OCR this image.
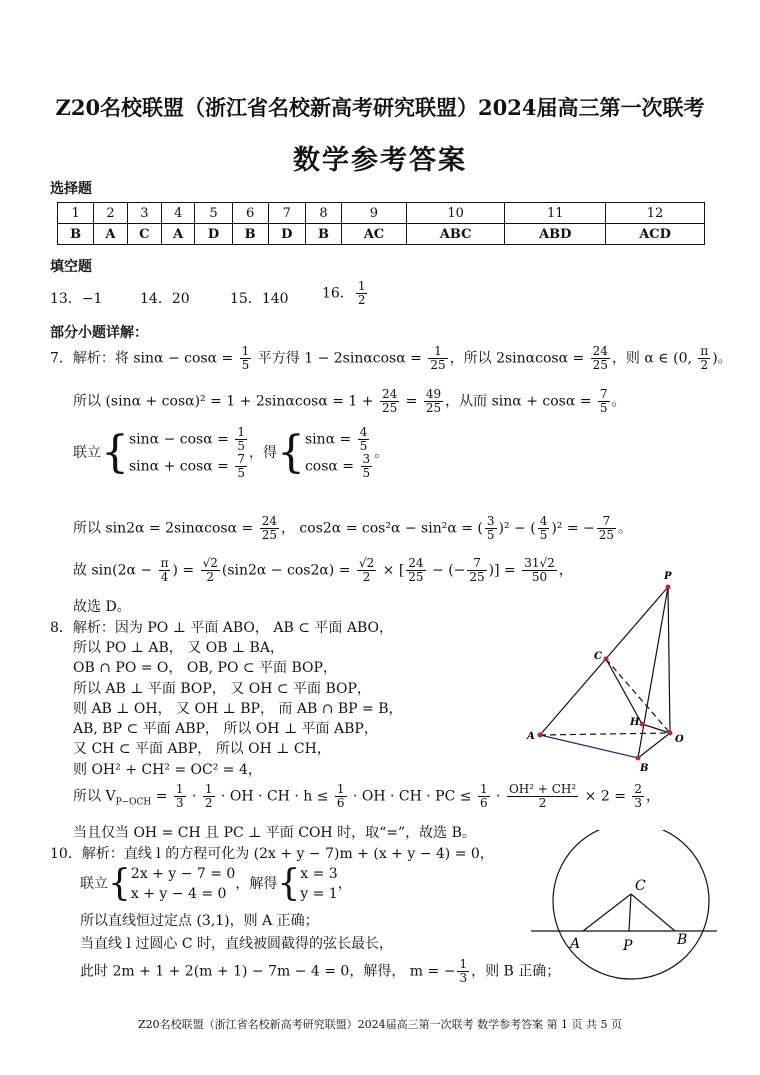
Z20名校联盟（浙江省名校新高考研究联盟）2024届高三第一次联考
数学参考答案
选择题
1	2	3	4	5	6	7	8	9	10	11	12
B	A	C	A	D	B	D	B	AC	ABC	ABD	ACD
填空题
13．−1	14．20	15．140 16． $\frac{1}{2}$
部分小题详解：
7．解析：将 $\sin\alpha - \cos\alpha = \frac{1}{5}$ 平方得 $1 - 2\sin\alpha\cos\alpha = \frac{1}{25}$ ，所以 $2\sin\alpha\cos\alpha = \frac{24}{25}$ ，则 α ∈ (0, $\frac{\pi}{2}$ )。
所以 $(\sin\alpha + \cos\alpha)^2 = 1 + 2\sin\alpha\cos\alpha = 1 + \frac{24}{25} = \frac{49}{25}$ ，从而 $\sin\alpha + \cos\alpha = \frac{7}{5}$ 。
联立{ $\sin\alpha - \cos\alpha = \frac{1}{5}$
$\sin\alpha + \cos\alpha = \frac{7}{5}$ ，得{ $\sin\alpha = \frac{4}{5}$
$\cos\alpha = \frac{3}{5}$ 。
所以 $\sin 2\alpha = 2\sin\alpha\cos\alpha = \frac{24}{25}$ ， cos2α = cos²α − sin²α = ( $\frac{3}{5} )^2$ − ( $\frac{4}{5} )^2$ = − $\frac{7}{25}$ 。
故 $\sin(2\alpha - \frac{\pi}{4}$ ) = $\frac{√2}{2} (\sin 2\alpha - \cos 2\alpha) = \frac{√2}{2}$ × [ $\frac{24}{25}$ − (− $\frac{7}{25}$ )] = $\frac{31√2}{50}$ ，
故选 D。
8．解析：因为 PO ⊥ 平面 ABO， AB ⊂ 平面 ABO，
所以 PO ⊥ AB， 又 OB ⊥ BA，
OB ∩ PO = O， OB, PO ⊂ 平面 BOP，
所以 AB ⊥ 平面 BOP， 又 OH ⊂ 平面 BOP，
则 AB ⊥ OH， 又 OH ⊥ BP， 而 AB ∩ BP = B，
AB, BP ⊂ 平面 ABP， 所以 OH ⊥ 平面 ABP，
又 CH ⊂ 平面 ABP， 所以 OH ⊥ CH，
则 OH² + CH² = OC² = 4，
所以 $V_{P-OCH} = \frac{1}{3} \cdot \frac{1}{2}$ · OH · CH · $h \le \frac{1}{6}$ · OH · CH · PC ≤ $\frac{1}{6} \cdot \frac{\text{OH² + CH²}}{2} \times 2 = \frac{2}{3}$ ，
当且仅当 OH = CH 且 PC ⊥ 平面 COH 时，取“=”，故选 B。
10．解析：直线 l 的方程可化为 (2x + y − 7)m + (x + y − 4) = 0，
联立{ 2x + y − 7 = 0
x + y − 4 = 0
，解得{ x = 3
y = 1
，
所以直线恒过定点 (3,1)，则 A 正确；
当直线 l 过圆心 C 时，直线被圆截得的弦长最长，
此时 2m + 1 + 2(m + 1) − 7m − 4 = 0，解得， m = − $\frac{1}{3}$ ，则 B 正确；
P
C
H
A	O
B
C
A	P	B
Z20名校联盟（浙江省名校新高考研究联盟）2024届高三第一次联考 数学参考答案 第 1 页 共 5 页
